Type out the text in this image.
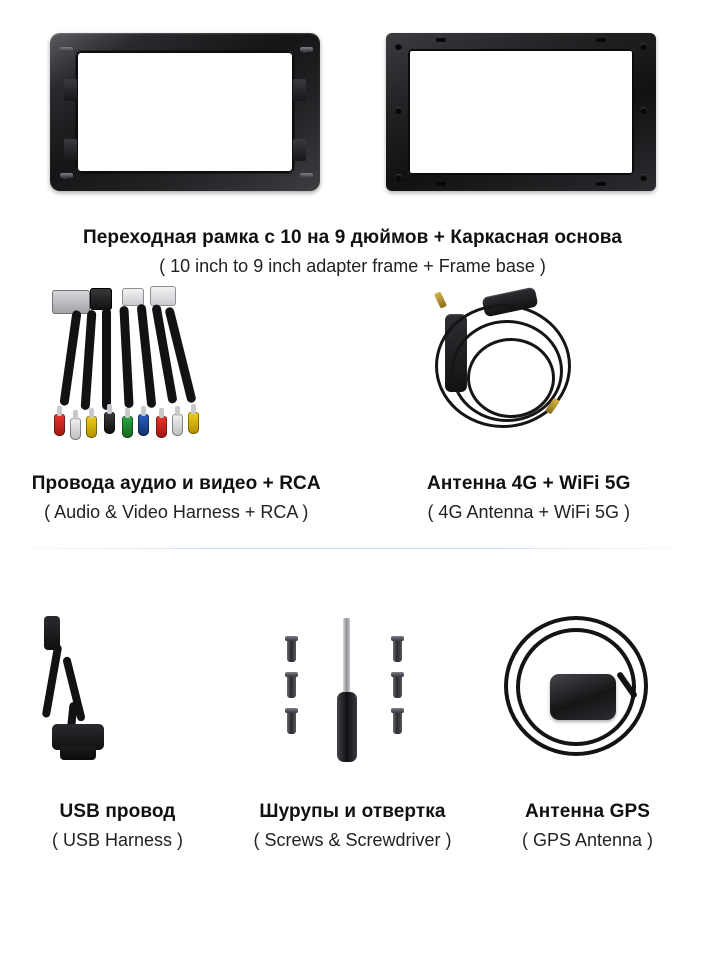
Переходная рамка с 10 на 9 дюймов + Каркасная основа
( 10 inch to 9 inch adapter frame + Frame base )
Провода аудио и видео + RCA
( Audio & Video Harness + RCA )
Антенна 4G + WiFi 5G
( 4G Antenna + WiFi 5G )
USB провод
( USB Harness )
Шурупы и отвертка
( Screws & Screwdriver )
Антенна GPS
( GPS Antenna )
